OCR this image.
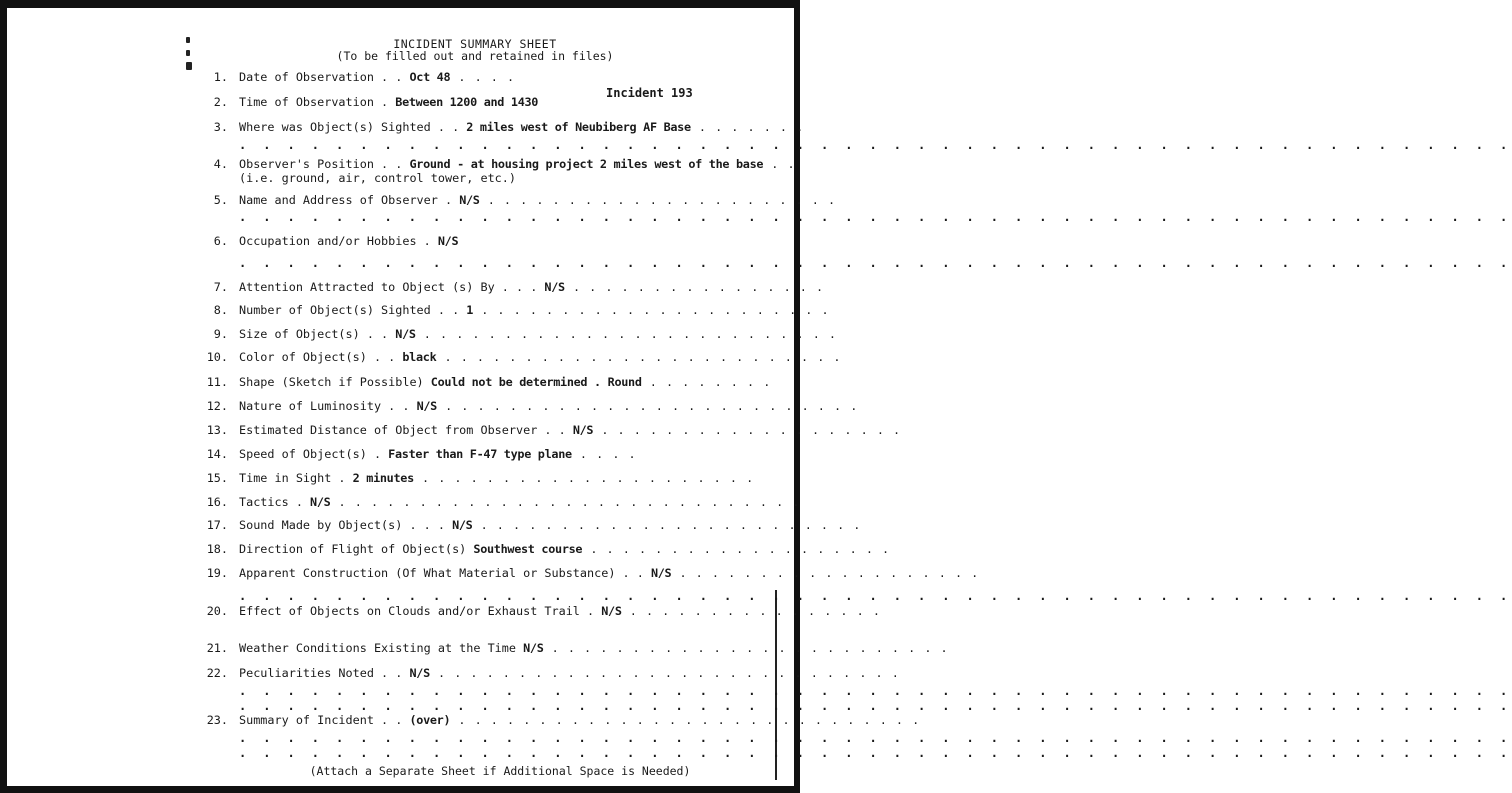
INCIDENT SUMMARY SHEET
(To be filled out and retained in files)
Incident 193
1. Date of Observation . . Oct 48 . . . .
2. Time of Observation . Between 1200 and 1430
3. Where was Object(s) Sighted . . 2 miles west of Neubiberg AF Base . . . . . . .
4. Observer's Position . . Ground - at housing project 2 miles west of the base . .
5. Name and Address of Observer . N/S . . . . . . . . . . . . . . . . . . . . . .
6. Occupation and/or Hobbies . N/S
7. Attention Attracted to Object (s) By . . . N/S . . . . . . . . . . . . . . . .
8. Number of Object(s) Sighted . . 1 . . . . . . . . . . . . . . . . . . . . . .
9. Size of Object(s) . . N/S . . . . . . . . . . . . . . . . . . . . . . . . . .
10. Color of Object(s) . . black . . . . . . . . . . . . . . . . . . . . . . . . .
11. Shape (Sketch if Possible) Could not be determined . Round . . . . . . . .
12. Nature of Luminosity . . N/S . . . . . . . . . . . . . . . . . . . . . . . . . .
13. Estimated Distance of Object from Observer . . N/S . . . . . . . . . . . . . . . . . . .
14. Speed of Object(s) . Faster than F-47 type plane . . . .
15. Time in Sight . 2 minutes . . . . . . . . . . . . . . . . . . . . .
16. Tactics . N/S . . . . . . . . . . . . . . . . . . . . . . . . . . . . .
17. Sound Made by Object(s) . . . N/S . . . . . . . . . . . . . . . . . . . . . . . .
18. Direction of Flight of Object(s) Southwest course . . . . . . . . . . . . . . . . . . .
19. Apparent Construction (Of What Material or Substance) . . N/S . . . . . . . . . . . . . . . . . . .
20. Effect of Objects on Clouds and/or Exhaust Trail . N/S . . . . . . . . . . . . . . . .
21. Weather Conditions Existing at the Time N/S . . . . . . . . . . . . . . . . . . . . . . . . .
22. Peculiarities Noted . . N/S . . . . . . . . . . . . . . . . . . . . . . . . . . . . .
23. Summary of Incident . . (over) . . . . . . . . . . . . . . . . . . . . . . . . . . . . .
(i.e. ground, air, control tower, etc.)
. . . . . . . . . . . . . . . . . . . . . . . . . . . . . . . . . . . . . . . . . . . . . . . . . . . . .
. . . . . . . . . . . . . . . . . . . . . . . . . . . . . . . . . . . . . . . . . . . . . . . . . . . . .
. . . . . . . . . . . . . . . . . . . . . . . . . . . . . . . . . . . . . . . . . . . . . . . . . . . . .
. . . . . . . . . . . . . . . . . . . . . . . . . . . . . . . . . . . . . . . . . . . . . . . . . . . . .
. . . . . . . . . . . . . . . . . . . . . . . . . . . . . . . . . . . . . . . . . . . . . . . . . . . . .
. . . . . . . . . . . . . . . . . . . . . . . . . . . . . . . . . . . . . . . . . . . . . . . . . . . . .
. . . . . . . . . . . . . . . . . . . . . . . . . . . . . . . . . . . . . . . . . . . . . . . . . . . . .
. . . . . . . . . . . . . . . . . . . . . . . . . . . . . . . . . . . . . . . . . . . . . . . . . . . . .
(Attach a Separate Sheet if Additional Space is Needed)
